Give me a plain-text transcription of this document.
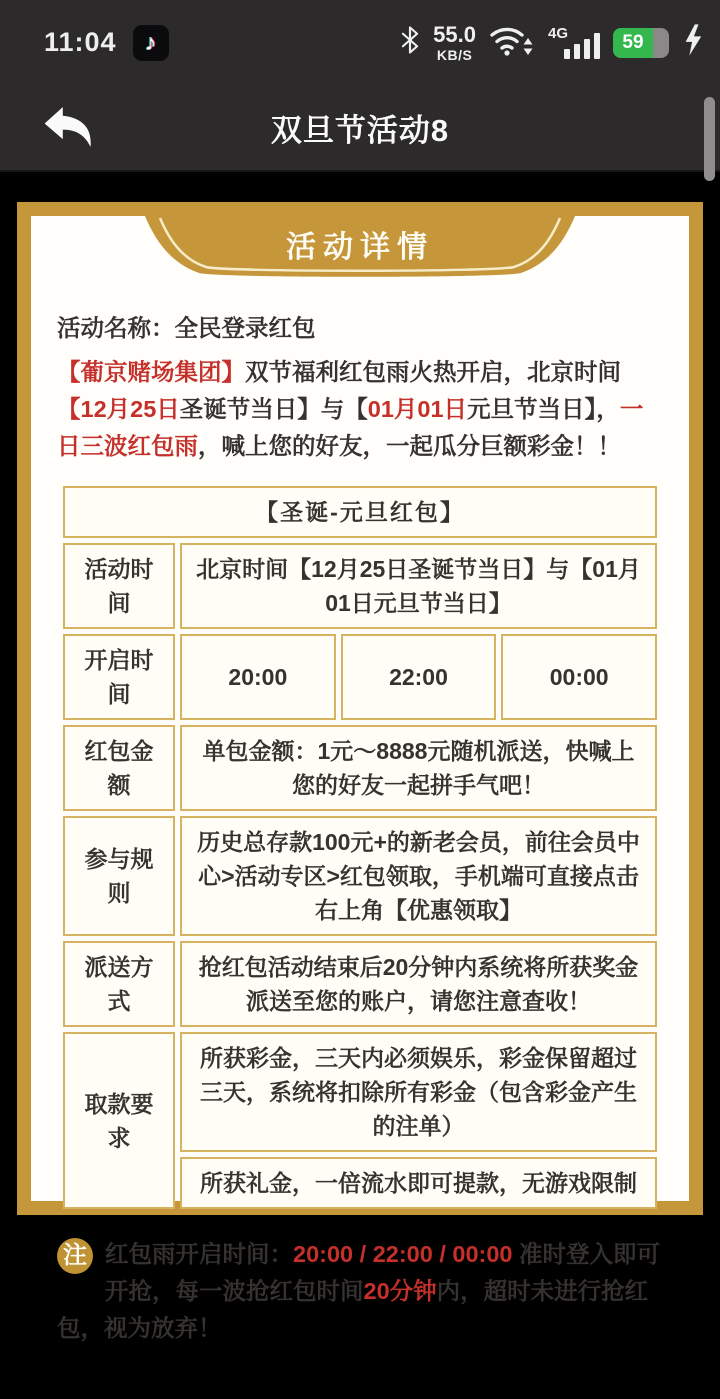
11:04 ♪	55.0
KB/S
4G	59
双旦节活动8
活动详情
活动名称：全民登录红包
【葡京赌场集团】双节福利红包雨火热开启，北京时间【12月25日圣诞节当日】与【01月01日元旦节当日】，一日三波红包雨，喊上您的好友，一起瓜分巨额彩金！！
【圣诞-元旦红包】			
活动时间	北京时间【12月25日圣诞节当日】与【01月01日元旦节当日】		
开启时间	20:00	22:00	00:00
红包金额	单包金额：1元～8888元随机派送，快喊上您的好友一起拼手气吧！		
参与规则	历史总存款100元+的新老会员，前往会员中心>活动专区>红包领取，手机端可直接点击右上角【优惠领取】		
派送方式	抢红包活动结束后20分钟内系统将所获奖金派送至您的账户，请您注意查收！		
取款要求	所获彩金，三天内必须娱乐，彩金保留超过三天，系统将扣除所有彩金（包含彩金产生的注单）		
	所获礼金，一倍流水即可提款，无游戏限制		
注 红包雨开启时间：20:00 / 22:00 / 00:00 准时登入即可开抢，每一波抢红包时间20分钟内，超时未进行抢红包，视为放弃！
